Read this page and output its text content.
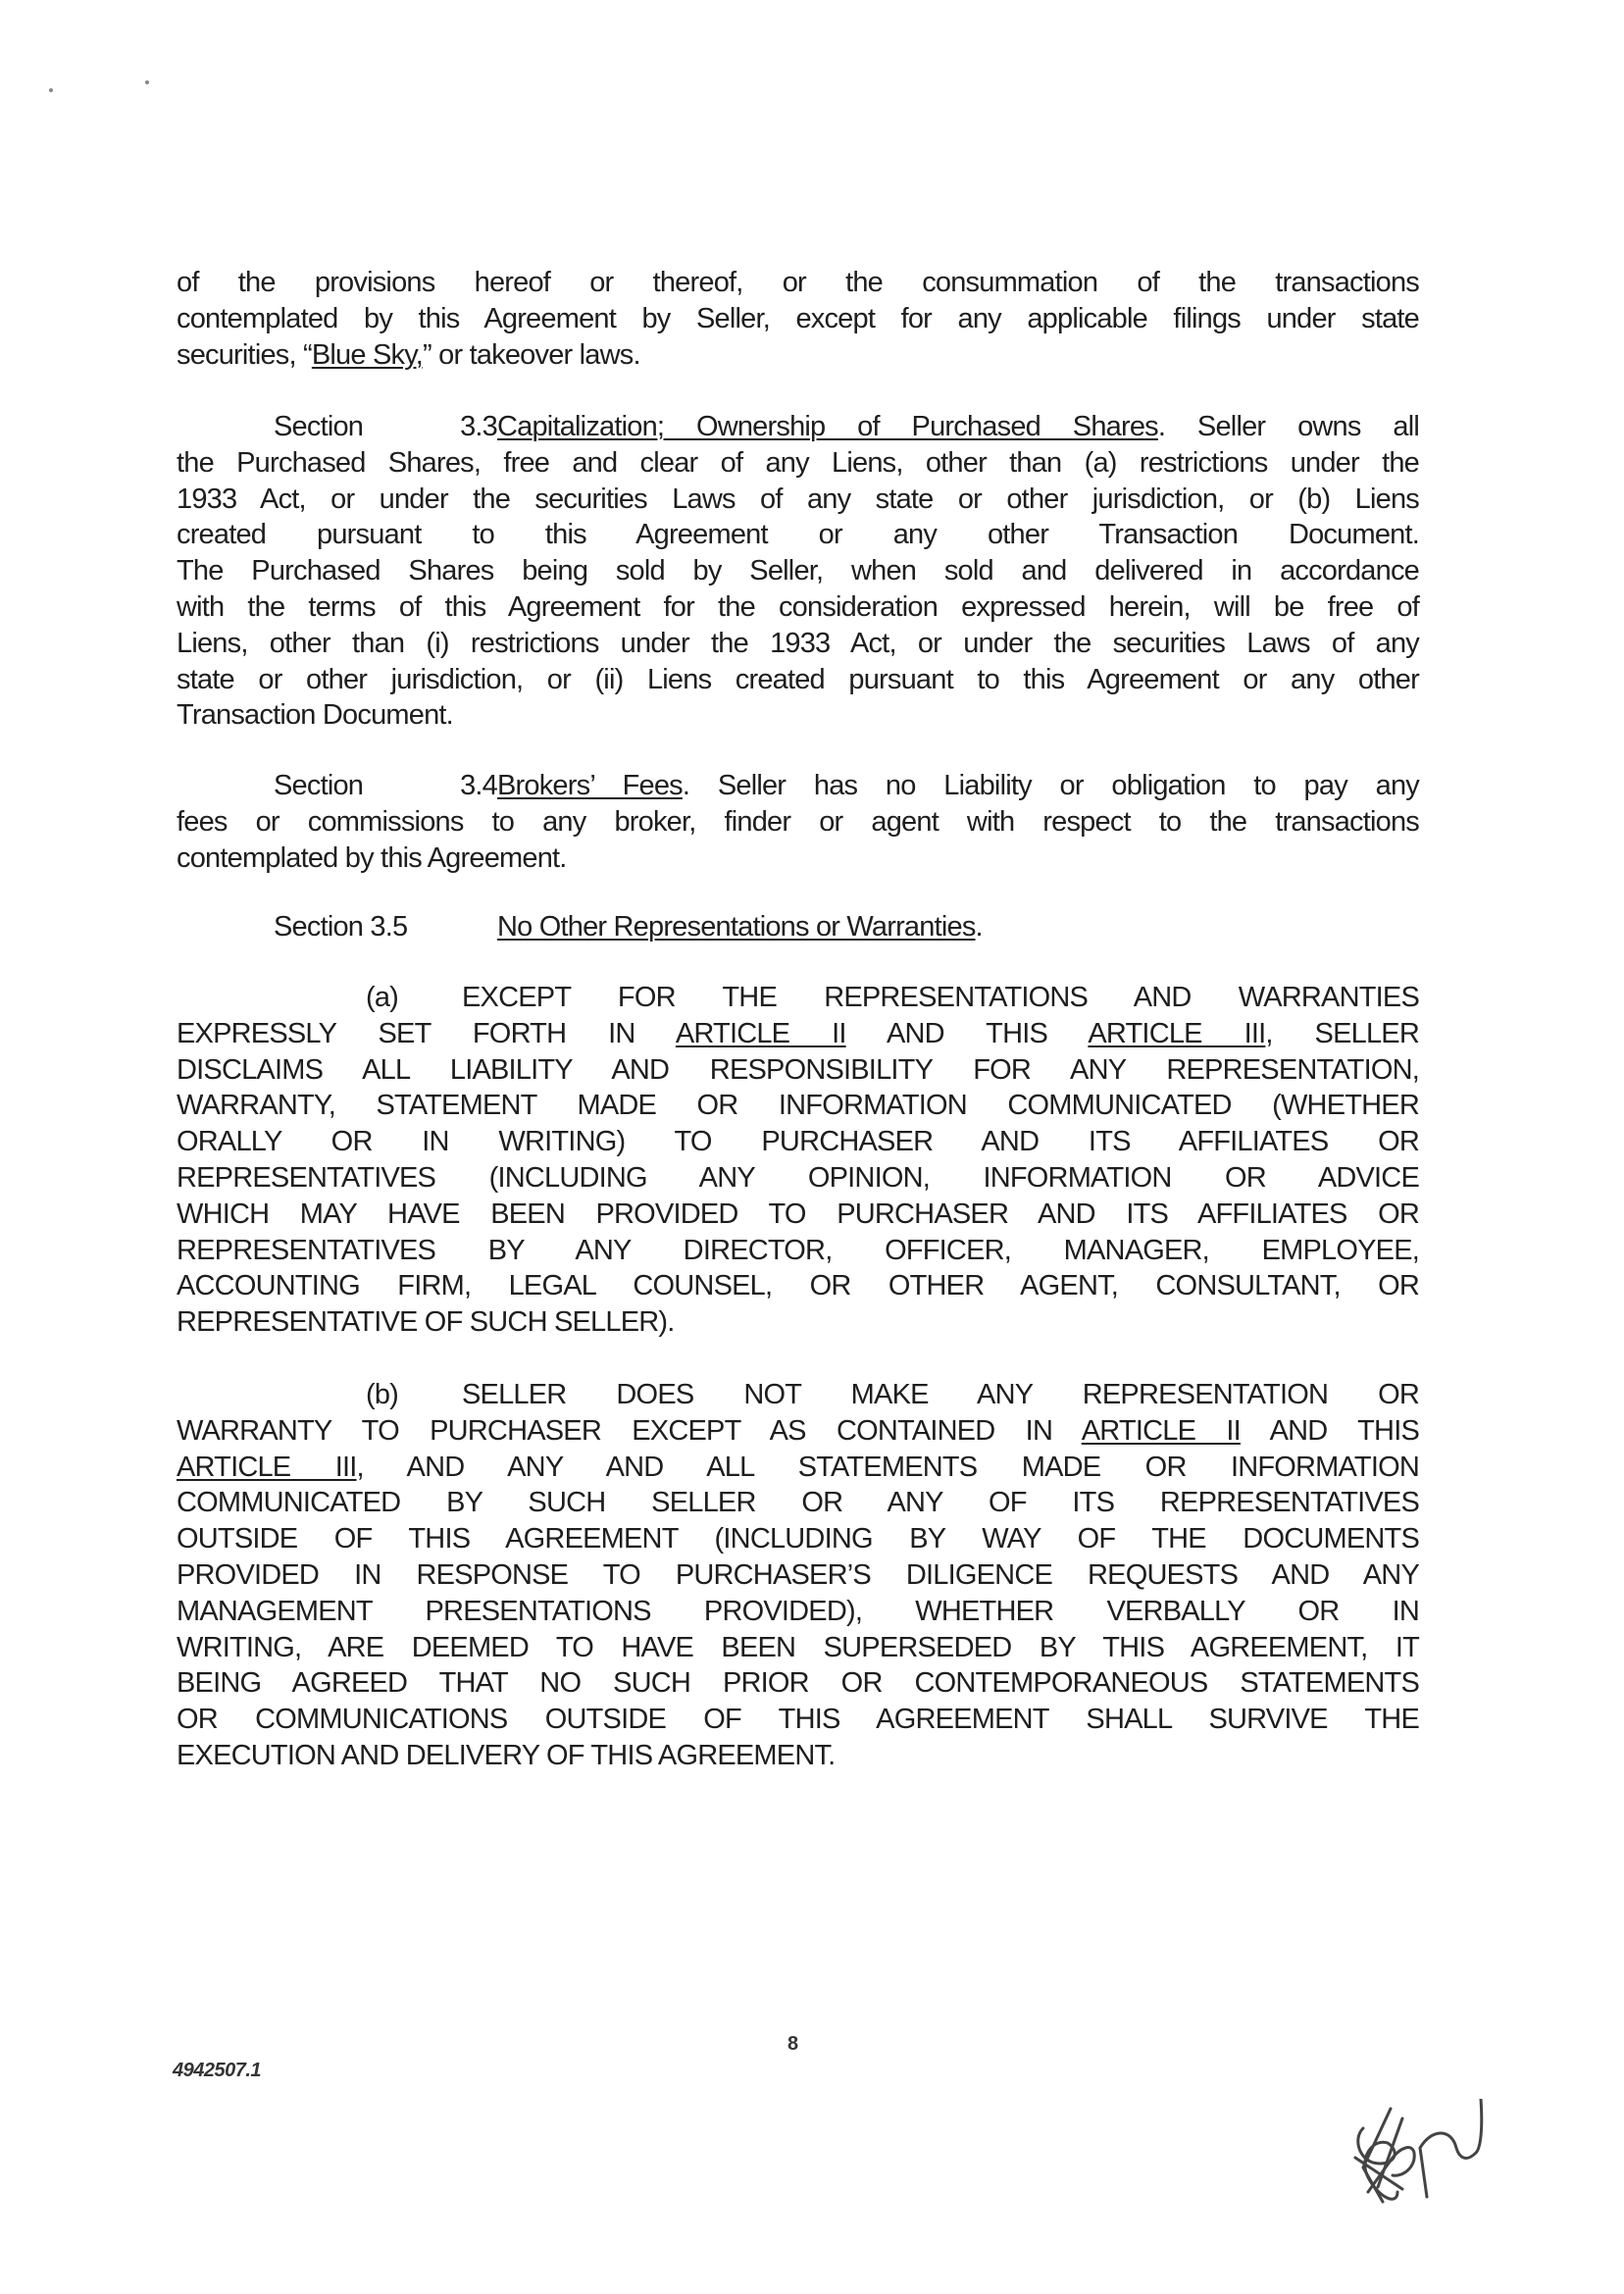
of the provisions hereof or thereof, or the consummation of the transactions
contemplated by this Agreement by Seller, except for any applicable filings under state
securities, “Blue Sky,” or takeover laws.
Section 3.3Capitalization; Ownership of Purchased Shares. Seller owns all
the Purchased Shares, free and clear of any Liens, other than (a) restrictions under the
1933 Act, or under the securities Laws of any state or other jurisdiction, or (b) Liens
created pursuant to this Agreement or any other Transaction Document.
The Purchased Shares being sold by Seller, when sold and delivered in accordance
with the terms of this Agreement for the consideration expressed herein, will be free of
Liens, other than (i) restrictions under the 1933 Act, or under the securities Laws of any
state or other jurisdiction, or (ii) Liens created pursuant to this Agreement or any other
Transaction Document.
Section 3.4Brokers’ Fees. Seller has no Liability or obligation to pay any
fees or commissions to any broker, finder or agent with respect to the transactions
contemplated by this Agreement.
Section 3.5	No Other Representations or Warranties.
(a) EXCEPT FOR THE REPRESENTATIONS AND WARRANTIES
EXPRESSLY SET FORTH IN ARTICLE II AND THIS ARTICLE III, SELLER
DISCLAIMS ALL LIABILITY AND RESPONSIBILITY FOR ANY REPRESENTATION,
WARRANTY, STATEMENT MADE OR INFORMATION COMMUNICATED (WHETHER
ORALLY OR IN WRITING) TO PURCHASER AND ITS AFFILIATES OR
REPRESENTATIVES (INCLUDING ANY OPINION, INFORMATION OR ADVICE
WHICH MAY HAVE BEEN PROVIDED TO PURCHASER AND ITS AFFILIATES OR
REPRESENTATIVES BY ANY DIRECTOR, OFFICER, MANAGER, EMPLOYEE,
ACCOUNTING FIRM, LEGAL COUNSEL, OR OTHER AGENT, CONSULTANT, OR
REPRESENTATIVE OF SUCH SELLER).
(b) SELLER DOES NOT MAKE ANY REPRESENTATION OR
WARRANTY TO PURCHASER EXCEPT AS CONTAINED IN ARTICLE II AND THIS
ARTICLE III, AND ANY AND ALL STATEMENTS MADE OR INFORMATION
COMMUNICATED BY SUCH SELLER OR ANY OF ITS REPRESENTATIVES
OUTSIDE OF THIS AGREEMENT (INCLUDING BY WAY OF THE DOCUMENTS
PROVIDED IN RESPONSE TO PURCHASER’S DILIGENCE REQUESTS AND ANY
MANAGEMENT PRESENTATIONS PROVIDED), WHETHER VERBALLY OR IN
WRITING, ARE DEEMED TO HAVE BEEN SUPERSEDED BY THIS AGREEMENT, IT
BEING AGREED THAT NO SUCH PRIOR OR CONTEMPORANEOUS STATEMENTS
OR COMMUNICATIONS OUTSIDE OF THIS AGREEMENT SHALL SURVIVE THE
EXECUTION AND DELIVERY OF THIS AGREEMENT.
8
4942507.1
